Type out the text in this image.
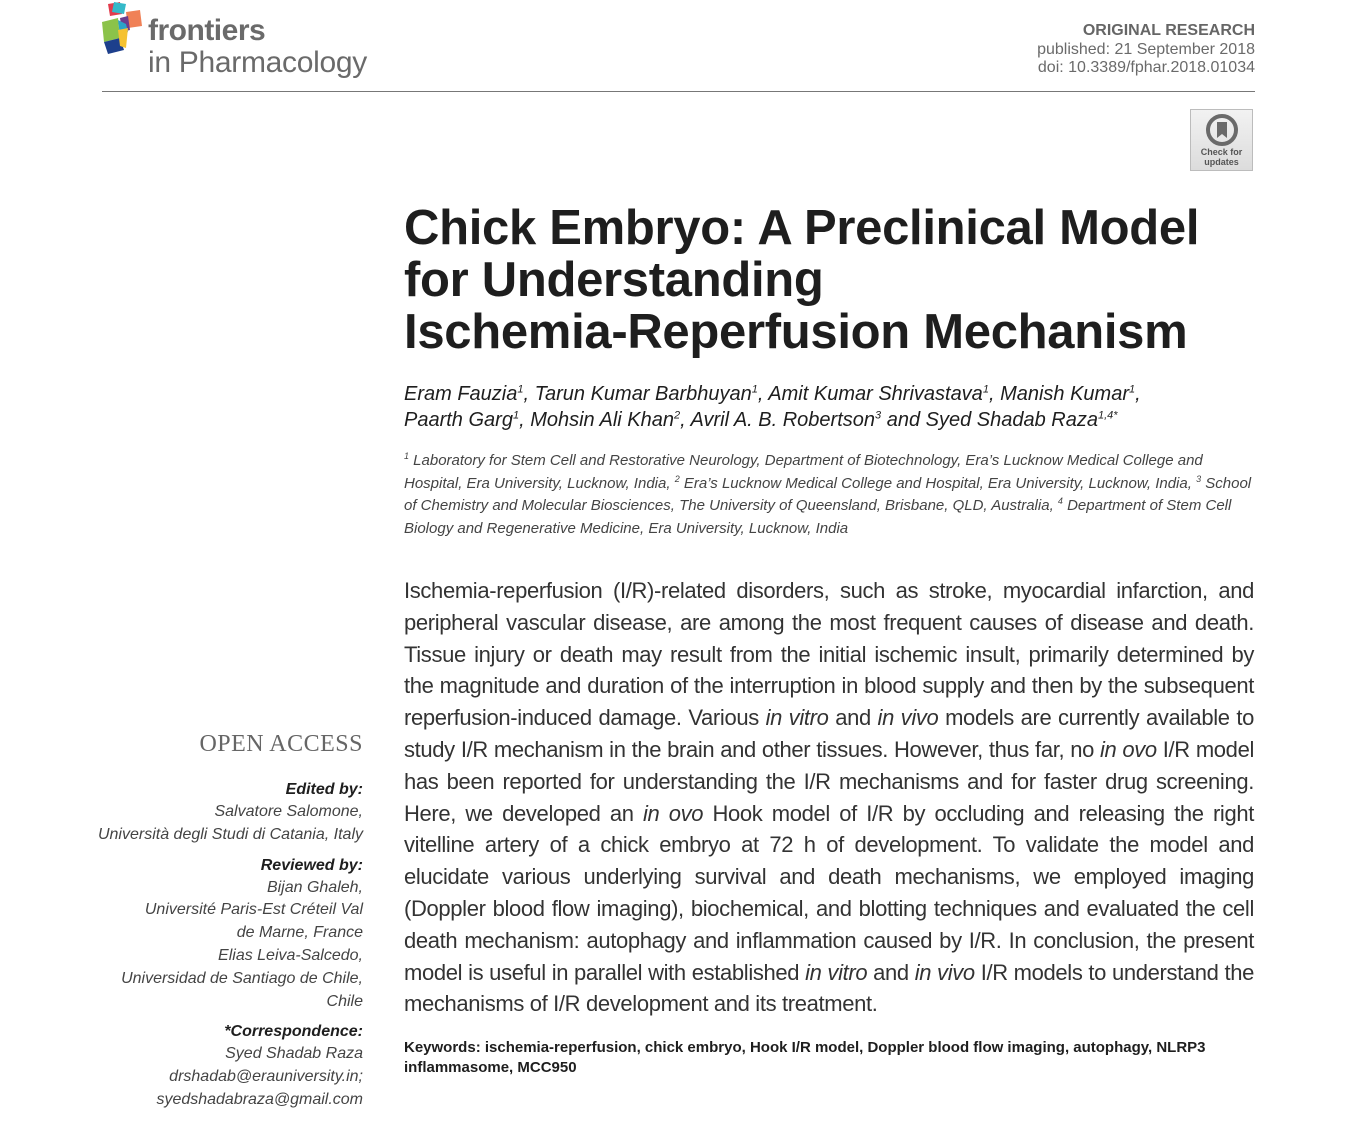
frontiers
in Pharmacology
ORIGINAL RESEARCH
published: 21 September 2018
doi: 10.3389/fphar.2018.01034
Check for
updates
Chick Embryo: A Preclinical Model
for Understanding
Ischemia-Reperfusion Mechanism
Eram Fauzia$^1$, Tarun Kumar Barbhuyan$^1$, Amit Kumar Shrivastava$^1$, Manish Kumar$^1$,
Paarth Garg$^1$, Mohsin Ali Khan$^2$, Avril A. B. Robertson$^3$ and Syed Shadab Raza$^{1,4*}$
$^1$ Laboratory for Stem Cell and Restorative Neurology, Department of Biotechnology, Era’s Lucknow Medical College and Hospital, Era University, Lucknow, India, $^2$ Era’s Lucknow Medical College and Hospital, Era University, Lucknow, India, $^3$ School of Chemistry and Molecular Biosciences, The University of Queensland, Brisbane, QLD, Australia, $^4$ Department of Stem Cell Biology and Regenerative Medicine, Era University, Lucknow, India
Ischemia-reperfusion (I/R)-related disorders, such as stroke, myocardial infarction, and peripheral vascular disease, are among the most frequent causes of disease and death. Tissue injury or death may result from the initial ischemic insult, primarily determined by the magnitude and duration of the interruption in blood supply and then by the subsequent reperfusion-induced damage. Various in vitro and in vivo models are currently available to study I/R mechanism in the brain and other tissues. However, thus far, no in ovo I/R model has been reported for understanding the I/R mechanisms and for faster drug screening. Here, we developed an in ovo Hook model of I/R by occluding and releasing the right vitelline artery of a chick embryo at 72 h of development. To validate the model and elucidate various underlying survival and death mechanisms, we employed imaging (Doppler blood flow imaging), biochemical, and blotting techniques and evaluated the cell death mechanism: autophagy and inflammation caused by I/R. In conclusion, the present model is useful in parallel with established in vitro and in vivo I/R models to understand the mechanisms of I/R development and its treatment.
Keywords: ischemia-reperfusion, chick embryo, Hook I/R model, Doppler blood flow imaging, autophagy, NLRP3 inflammasome, MCC950
OPEN ACCESS
Edited by:
Salvatore Salomone,
Università degli Studi di Catania, Italy
Reviewed by:
Bijan Ghaleh,
Université Paris-Est Créteil Val
de Marne, France
Elias Leiva-Salcedo,
Universidad de Santiago de Chile,
Chile
*Correspondence:
Syed Shadab Raza
drshadab@erauniversity.in;
syedshadabraza@gmail.com
